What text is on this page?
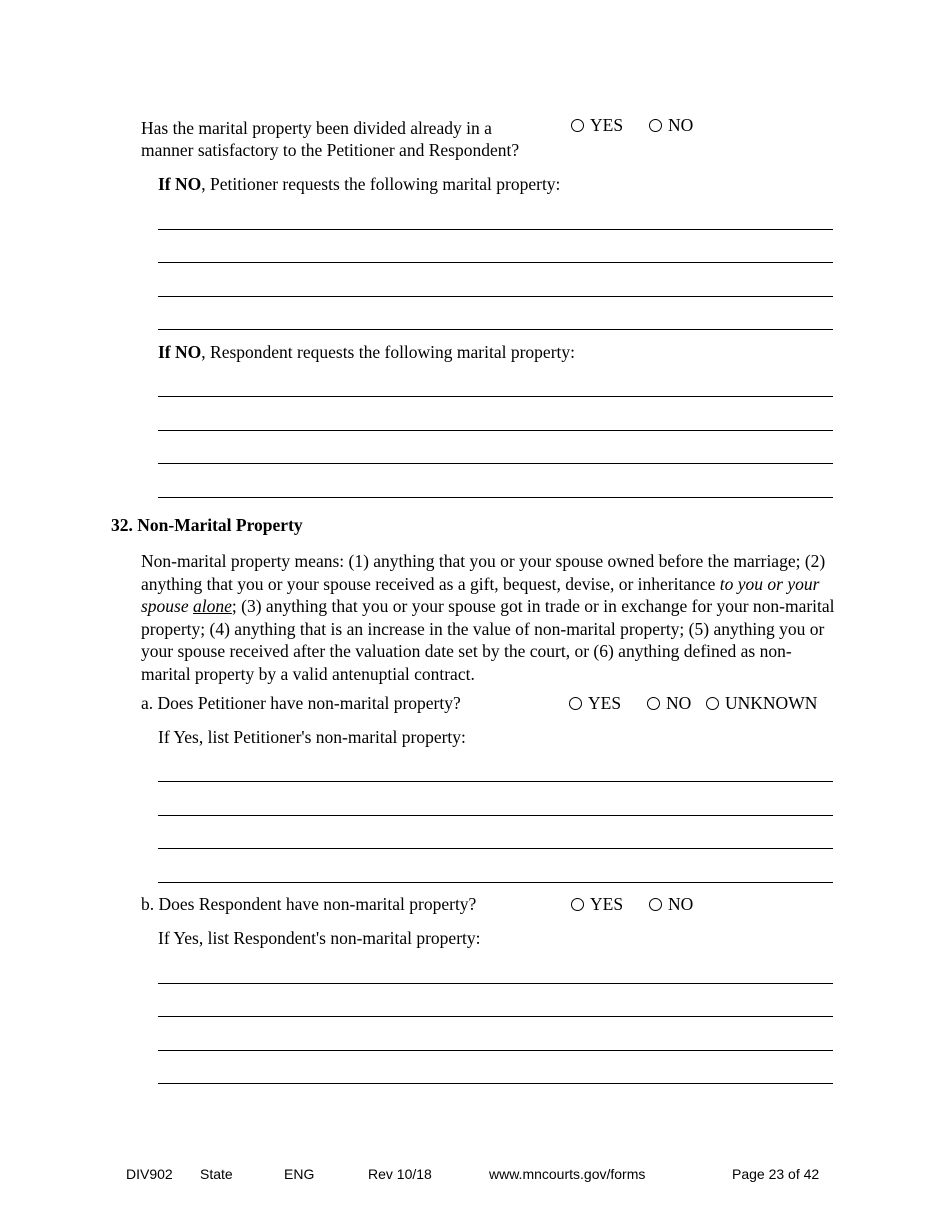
Has the marital property been divided already in a
manner satisfactory to the Petitioner and Respondent?
YES	NO
If NO, Petitioner requests the following marital property:
If NO, Respondent requests the following marital property:
32. Non-Marital Property
Non-marital property means: (1) anything that you or your spouse owned before the marriage; (2) anything that you or your spouse received as a gift, bequest, devise, or inheritance to you or your spouse alone; (3) anything that you or your spouse got in trade or in exchange for your non-marital property; (4) anything that is an increase in the value of non-marital property; (5) anything you or your spouse received after the valuation date set by the court, or (6) anything defined as non-marital property by a valid antenuptial contract.
a. Does Petitioner have non-marital property?	YES	NO	UNKNOWN
If Yes, list Petitioner's non-marital property:
b. Does Respondent have non-marital property?	YES	NO
If Yes, list Respondent's non-marital property:
DIV902 State	ENG	Rev 10/18	www.mncourts.gov/forms	Page 23 of 42
